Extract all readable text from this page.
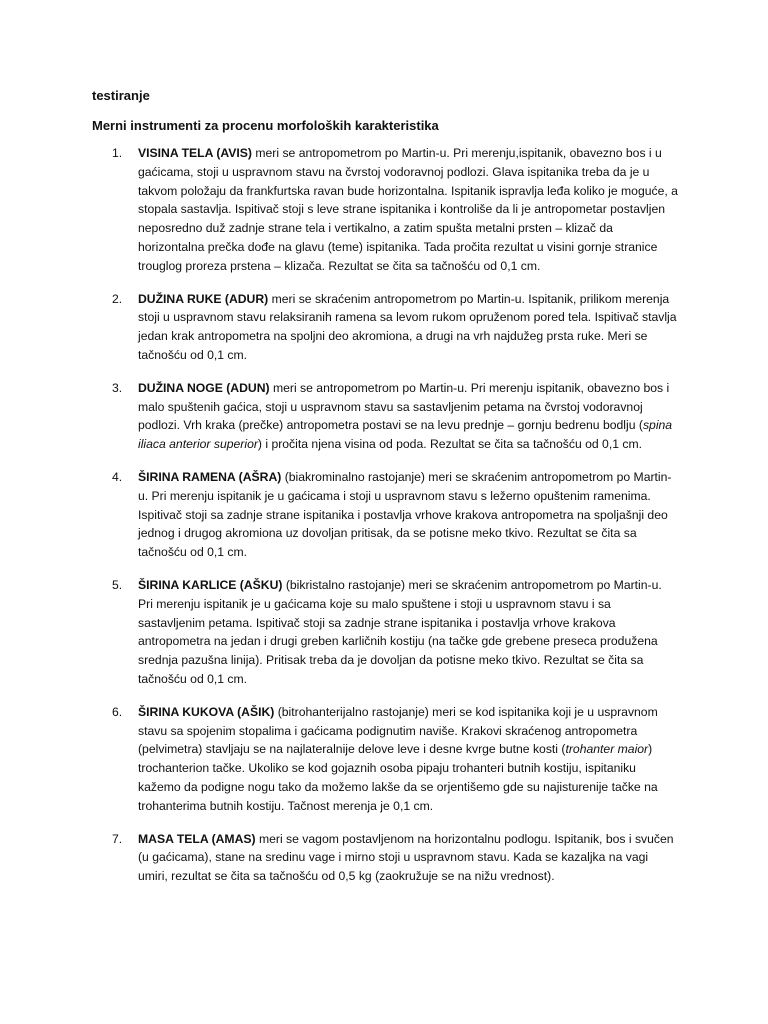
testiranje
Merni instrumenti za procenu morfoloških karakteristika
1. VISINA TELA (AVIS) meri se antropometrom po Martin-u. Pri merenju,ispitanik, obavezno bos i u gaćicama, stoji u uspravnom stavu na čvrstoj vodoravnoj podlozi. Glava ispitanika treba da je u takvom položaju da frankfurtska ravan bude horizontalna. Ispitanik ispravlja leđa koliko je moguće, a stopala sastavlja. Ispitivač stoji s leve strane ispitanika i kontroliše da li je antropometar postavljen neposredno duž zadnje strane tela i vertikalno, a zatim spušta metalni prsten – klizač da horizontalna prečka dođe na glavu (teme) ispitanika. Tada pročita rezultat u visini gornje stranice trouglog proreza prstena – klizača. Rezultat se čita sa tačnošću od 0,1 cm.
2. DUŽINA RUKE (ADUR) meri se skraćenim antropometrom po Martin-u. Ispitanik, prilikom merenja stoji u uspravnom stavu relaksiranih ramena sa levom rukom opruženom pored tela. Ispitivač stavlja jedan krak antropometra na spoljni deo akromiona, a drugi na vrh najdužeg prsta ruke. Meri se tačnošću od 0,1 cm.
3. DUŽINA NOGE (ADUN) meri se antropometrom po Martin-u. Pri merenju ispitanik, obavezno bos i malo spuštenih gaćica, stoji u uspravnom stavu sa sastavljenim petama na čvrstoj vodoravnoj podlozi. Vrh kraka (prečke) antropometra postavi se na levu prednje – gornju bedrenu bodlju (spina iliaca anterior superior) i pročita njena visina od poda. Rezultat se čita sa tačnošću od 0,1 cm.
4. ŠIRINA RAMENA (AŠRA) (biakrominalno rastojanje) meri se skraćenim antropometrom po Martin-u. Pri merenju ispitanik je u gaćicama i stoji u uspravnom stavu s ležerno opuštenim ramenima. Ispitivač stoji sa zadnje strane ispitanika i postavlja vrhove krakova antropometra na spoljašnji deo jednog i drugog akromiona uz dovoljan pritisak, da se potisne meko tkivo. Rezultat se čita sa tačnošću od 0,1 cm.
5. ŠIRINA KARLICE (AŠKU) (bikristalno rastojanje) meri se skraćenim antropometrom po Martin-u. Pri merenju ispitanik je u gaćicama koje su malo spuštene i stoji u uspravnom stavu i sa sastavljenim petama. Ispitivač stoji sa zadnje strane ispitanika i postavlja vrhove krakova antropometra na jedan i drugi greben karličnih kostiju (na tačke gde grebene preseca produžena srednja pazušna linija). Pritisak treba da je dovoljan da potisne meko tkivo. Rezultat se čita sa tačnošću od 0,1 cm.
6. ŠIRINA KUKOVA (AŠIK) (bitrohanterijalno rastojanje) meri se kod ispitanika koji je u uspravnom stavu sa spojenim stopalima i gaćicama podignutim naviše. Krakovi skraćenog antropometra (pelvimetra) stavljaju se na najlateralnije delove leve i desne kvrge butne kosti (trohanter maior) trochanterion tačke. Ukoliko se kod gojaznih osoba pipaju trohanteri butnih kostiju, ispitaniku kažemo da podigne nogu tako da možemo lakše da se orjentišemo gde su najisturenije tačke na trohanterima butnih kostiju. Tačnost merenja je 0,1 cm.
7. MASA TELA (AMAS) meri se vagom postavljenom na horizontalnu podlogu. Ispitanik, bos i svučen (u gaćicama), stane na sredinu vage i mirno stoji u uspravnom stavu. Kada se kazaljka na vagi umiri, rezultat se čita sa tačnošću od 0,5 kg (zaokružuje se na nižu vrednost).
